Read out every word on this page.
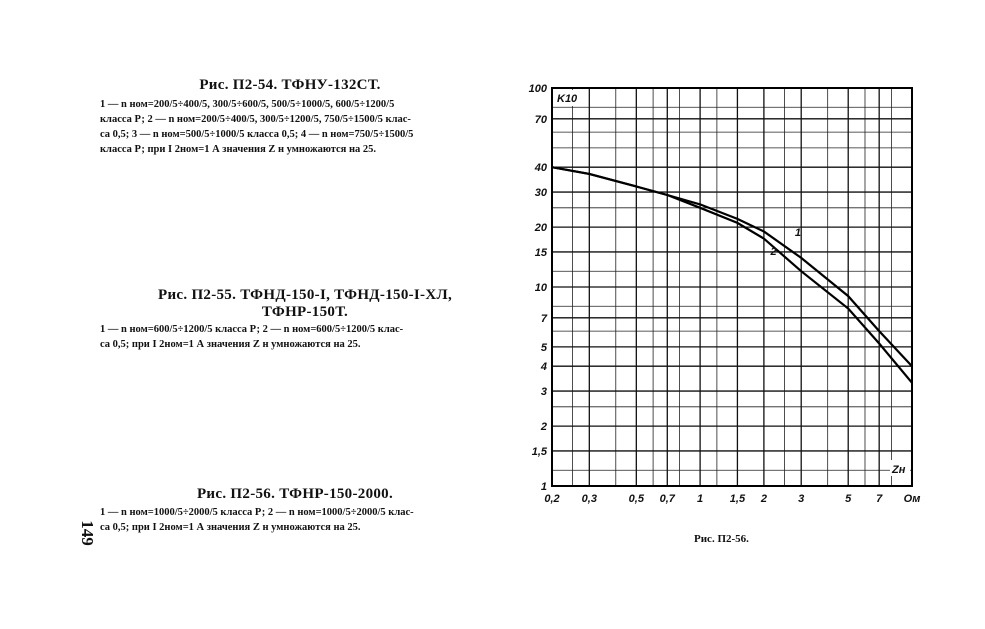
Рис. П2-54. ТФНУ-132СТ.
1 — n ном=200/5÷400/5, 300/5÷600/5, 500/5÷1000/5, 600/5÷1200/5
класса Р; 2 — n ном=200/5÷400/5, 300/5÷1200/5, 750/5÷1500/5 клас-
са 0,5; 3 — n ном=500/5÷1000/5 класса 0,5; 4 — n ном=750/5÷1500/5
класса Р; при I 2ном=1 А значения Z н умножаются на 25.
Рис. П2-55. ТФНД-150-I, ТФНД-150-I-ХЛ,
ТФНР-150Т.
1 — n ном=600/5÷1200/5 класса Р; 2 — n ном=600/5÷1200/5 клас-
са 0,5; при I 2ном=1 А значения Z н умножаются на 25.
Рис. П2-56. ТФНР-150-2000.
1 — n ном=1000/5÷2000/5 класса Р; 2 — n ном=1000/5÷2000/5 клас-
са 0,5; при I 2ном=1 А значения Z н умножаются на 25.
149
0,2 0,3	0,5 0,7 1 1,5 2	3	5 7 Ом
1
1,5
2
3
4
5
7
10
15
20
30
40
70
100
K10
Zн
1
2
Рис. П2-56.
